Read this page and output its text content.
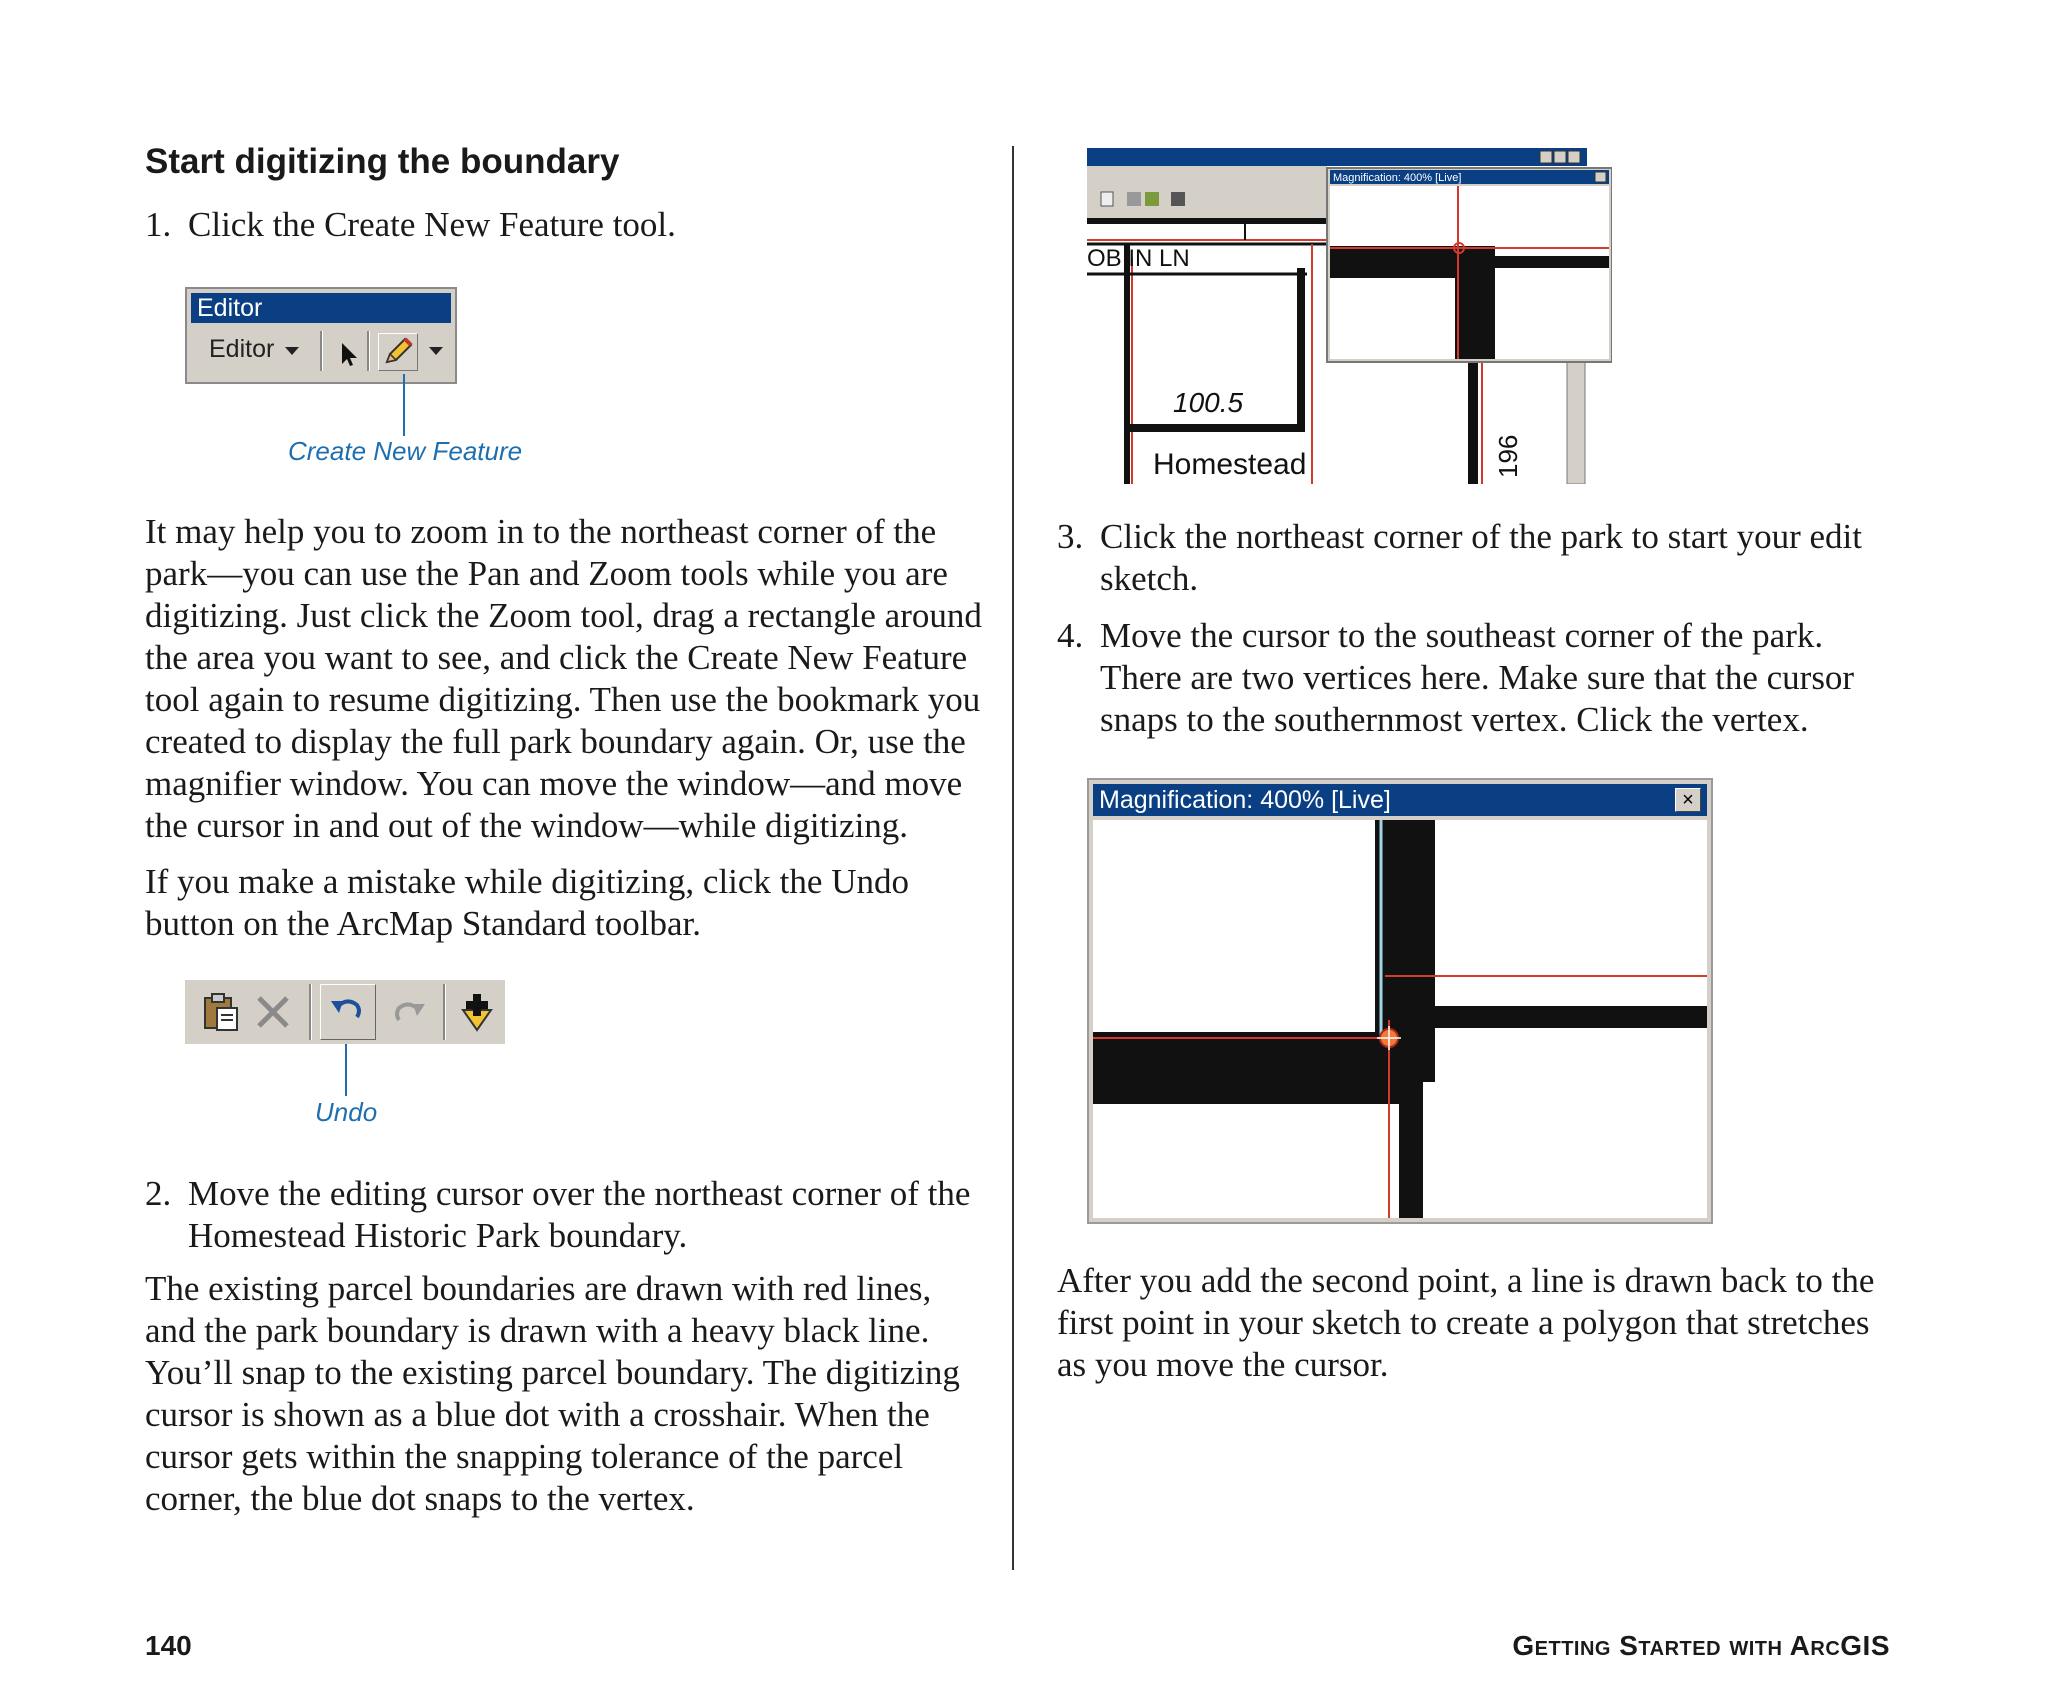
Start digitizing the boundary
1. Click the Create New Feature tool.
Editor
Editor
Create New Feature
It may help you to zoom in to the northeast corner of the
park—you can use the Pan and Zoom tools while you are
digitizing. Just click the Zoom tool, drag a rectangle around
the area you want to see, and click the Create New Feature
tool again to resume digitizing. Then use the bookmark you
created to display the full park boundary again. Or, use the
magnifier window. You can move the window—and move
the cursor in and out of the window—while digitizing.
If you make a mistake while digitizing, click the Undo
button on the ArcMap Standard toolbar.
Undo
2. Move the editing cursor over the northeast corner of the
Homestead Historic Park boundary.
The existing parcel boundaries are drawn with red lines,
and the park boundary is drawn with a heavy black line.
You’ll snap to the existing parcel boundary. The digitizing
cursor is shown as a blue dot with a crosshair. When the
cursor gets within the snapping tolerance of the parcel
corner, the blue dot snaps to the vertex.
OB IN LN
100.5
Homestead	196
Magnification: 400% [Live]
3. Click the northeast corner of the park to start your edit
sketch.
4. Move the cursor to the southeast corner of the park.
There are two vertices here. Make sure that the cursor
snaps to the southernmost vertex. Click the vertex.
Magnification: 400% [Live]	×
After you add the second point, a line is drawn back to the
first point in your sketch to create a polygon that stretches
as you move the cursor.
140	Getting Started with ArcGIS
